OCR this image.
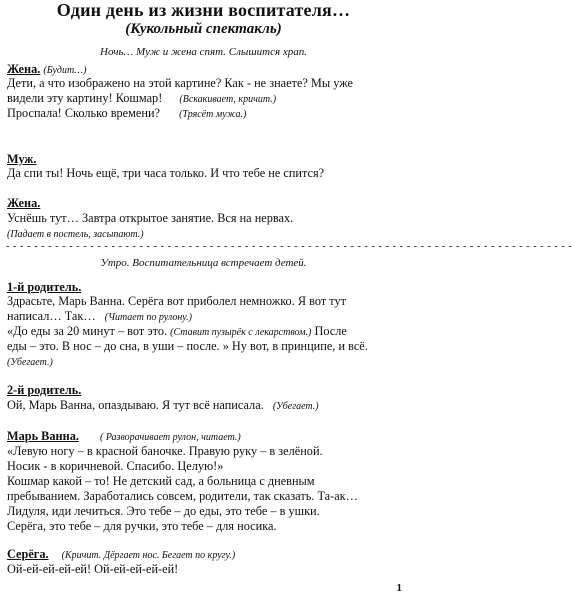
Один день из жизни воспитателя…
(Кукольный спектакль)
Ночь… Муж и жена спят. Слышится храп.
Жена. (Будит…)
Дети, а что изображено на этой картине? Как - не знаете? Мы уже
видели эту картину! Кошмар! (Вскакивает, кричит.)
Проспала! Сколько времени? (Трясёт мужа.)
Муж.
Да спи ты! Ночь ещё, три часа только. И что тебе не спится?
Жена.
Уснёшь тут… Завтра открытое занятие. Вся на нервах.
(Падает в постель, засыпают.)
- - - - - - - - - - - - - - - - - - - - - - - - - - - - - - - - - - - - - - - - - - - - - - - - - - - - - - - - - - - - - - - - - - - - - - - - - - - - - - - - -
Утро. Воспитательница встречает детей.
1-й родитель.
Здрасьте, Марь Ванна. Серёга вот приболел немножко. Я вот тут
написал… Так… (Читает по рулону.)
«До еды за 20 минут – вот это. (Ставит пузырёк с лекарством.) После
еды – это. В нос – до сна, в уши – после. » Ну вот, в принципе, и всё.
(Убегает.)
2-й родитель.
Ой, Марь Ванна, опаздываю. Я тут всё написала. (Убегает.)
Марь Ванна. ( Разворачивает рулон, читает.)
«Левую ногу – в красной баночке. Правую руку – в зелёной.
Носик - в коричневой. Спасибо. Целую!»
Кошмар какой – то! Не детский сад, а больница с дневным
пребыванием. Заработались совсем, родители, так сказать. Та-ак…
Лидуля, иди лечиться. Это тебе – до еды, это тебе – в ушки.
Серёга, это тебе – для ручки, это тебе – для носика.
Серёга. (Кричит. Дёргает нос. Бегает по кругу.)
Ой-ей-ей-ей-ей! Ой-ей-ей-ей-ей!
1
